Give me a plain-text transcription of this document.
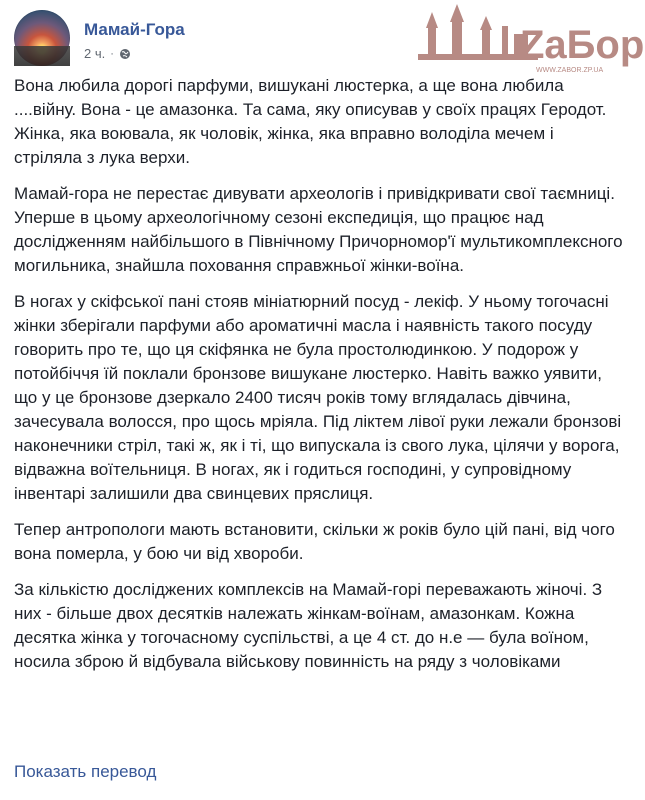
Мамай-Гора
2 ч. ·	ZaБор
WWW.ZABOR.ZP.UA

Вона любила дорогі парфуми, вишукані люстерка, а ще вона любила ....війну. Вона - це амазонка. Та сама, яку описував у своїх працях Геродот. Жінка, яка воювала, як чоловік, жінка, яка вправно володіла мечем і стріляла з лука верхи.

Мамай-гора не перестає дивувати археологів і привідкривати свої таємниці. Уперше в цьому археологічному сезоні експедиція, що працює над дослідженням найбільшого в Північному Причорномор'ї мультикомплексного могильника, знайшла поховання справжньої жінки-воїна.

В ногах у скіфської пані стояв мініатюрний посуд - лекіф. У ньому тогочасні жінки зберігали парфуми або ароматичні масла і наявність такого посуду говорить про те, що ця скіфянка не була простолюдинкою. У подорож у потойбіччя їй поклали бронзове вишукане люстерко. Навіть важко уявити, що у це бронзове дзеркало 2400 тисяч років тому вглядалась дівчина, зачесувала волосся, про щось мріяла. Під ліктем лівої руки лежали бронзові наконечники стріл, такі ж, як і ті, що випускала із свого лука, цілячи у ворога, відважна воїтельниця. В ногах, як і годиться господині, у супровідному інвентарі залишили два свинцевих пряслиця.

Тепер антропологи мають встановити, скільки ж років було цій пані, від чого вона померла, у бою чи від хвороби.

За кількістю досліджених комплексів на Мамай-горі переважають жіночі. З них - більше двох десятків належать жінкам-воїнам, амазонкам. Кожна десятка жінка у тогочасному суспільстві, а це 4 ст. до н.е — була воїном, носила зброю й відбувала військову повинність на ряду з чоловіками

Показать перевод
